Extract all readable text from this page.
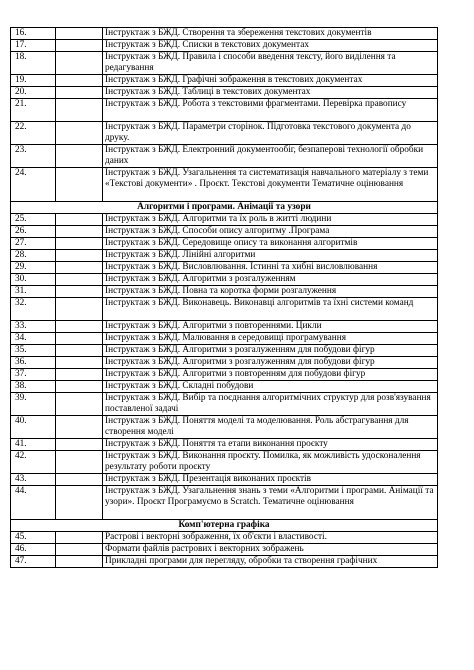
16.		Інструктаж з БЖД. Створення та збереження текстових документів
17.		Інструктаж з БЖД. Списки в текстових документах
18.		Інструктаж з БЖД. Правила і способи введення тексту, його виділення та редагування
19.		Інструктаж з БЖД. Графічні зображення в текстових документах
20.		Інструктаж з БЖД. Таблиці в текстових документах
21.		Інструктаж з БЖД. Робота з текстовими фрагментами. Перевірка правопису
22.		Інструктаж з БЖД. Параметри сторінок. Підготовка текстового документа до друку.
23.		Інструктаж з БЖД. Електронний документообіг, безпаперові технології обробки даних
24.		Інструктаж з БЖД. Узагальнення та систематизація навчального матеріалу з теми «Текстові документи» . Проєкт. Текстові документи Тематичне оцінювання
Алгоритми і програми. Анімації та узори		
25.		Інструктаж з БЖД. Алгоритми та їх роль в житті людини
26.		Інструктаж з БЖД. Способи опису алгоритму .Програма
27.		Інструктаж з БЖД. Середовище опису та виконання алгоритмів
28.		Інструктаж з БЖД. Лінійні алгоритми
29.		Інструктаж з БЖД. Висловлювання. Істинні та хибні висловлювання
30.		Інструктаж з БЖД. Алгоритми з розгалуженням
31.		Інструктаж з БЖД. Повна та коротка форми розгалуження
32.		Інструктаж з БЖД. Виконавець. Виконавці алгоритмів та їхні системи команд
33.		Інструктаж з БЖД. Алгоритми з повтореннями. Цикли
34.		Інструктаж з БЖД. Малювання в середовищі програмування
35.		Інструктаж з БЖД. Алгоритми з розгалуженням для побудови фігур
36.		Інструктаж з БЖД. Алгоритми з розгалуженням для побудови фігур
37.		Інструктаж з БЖД. Алгоритми з повторенням для побудови фігур
38.		Інструктаж з БЖД. Складні побудови
39.		Інструктаж з БЖД. Вибір та поєднання алгоритмічних структур для розв'язування поставленої задачі
40.		Інструктаж з БЖД. Поняття моделі та моделювання. Роль абстрагування для створення моделі
41.		Інструктаж з БЖД. Поняття та етапи виконання проєкту
42.		Інструктаж з БЖД. Виконання проєкту. Помилка, як можливість удосконалення результату роботи проєкту
43.		Інструктаж з БЖД. Презентація виконаних проєктів
44.		Інструктаж з БЖД. Узагальнення знань з теми «Алгоритми і програми. Анімації та узори». Проєкт Програмуємо в Scratch. Тематичне оцінювання
Комп'ютерна графіка		
45.		Растрові і векторні зображення, їх об'єкти і властивості.
46.		Формати файлів растрових і векторних зображень
47.		Прикладні програми для перегляду, обробки та створення графічних
